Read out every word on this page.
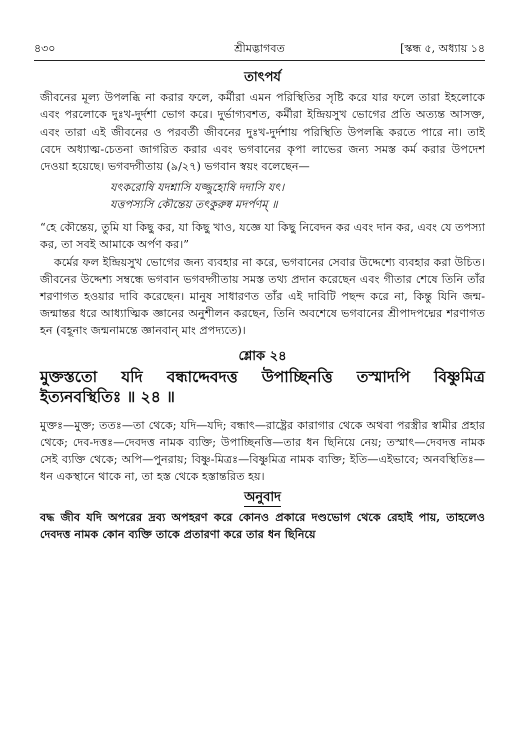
৪৩০	শ্রীমদ্ভাগবত	[স্কন্ধ ৫, অধ্যায় ১৪
তাৎপর্য

জীবনের মূল্য উপলব্ধি না করার ফলে, কর্মীরা এমন পরিস্থিতির সৃষ্টি করে যার ফলে তারা ইহলোকে এবং পরলোকে দুঃখ-দুর্দশা ভোগ করে। দুর্ভাগ্যবশত, কর্মীরা ইন্দ্রিয়সুখ ভোগের প্রতি অত্যন্ত আসক্ত, এবং তারা এই জীবনের ও পরবর্তী জীবনের দুঃখ-দুর্দশায় পরিস্থিতি উপলব্ধি করতে পারে না। তাই বেদে অধ্যাত্ম-চেতনা জাগরিত করার এবং ভগবানের কৃপা লাভের জন্য সমস্ত কর্ম করার উপদেশ দেওয়া হয়েছে। ভগবদ্গীতায় (৯/২৭) ভগবান স্বয়ং বলেছেন—

যৎকরোষি যদশ্নাসি যজ্জুহোষি দদাসি যৎ।
যত্তপস্যসি কৌন্তেয় তৎকুরুষ্ব মদর্পণম্‌ ॥

“হে কৌন্তেয়, তুমি যা কিছু কর, যা কিছু খাও, যজ্ঞে যা কিছু নিবেদন কর এবং দান কর, এবং যে তপস্যা কর, তা সবই আমাকে অর্পণ কর।”

কর্মের ফল ইন্দ্রিয়সুখ ভোগের জন্য ব্যবহার না করে, ভগবানের সেবার উদ্দেশ্যে ব্যবহার করা উচিত। জীবনের উদ্দেশ্য সম্বন্ধে ভগবান ভগবদ্গীতায় সমস্ত তথ্য প্রদান করেছেন এবং গীতার শেষে তিনি তাঁর শরণাগত হওয়ার দাবি করেছেন। মানুষ সাধারণত তাঁর এই দাবিটি পছন্দ করে না, কিন্তু যিনি জন্ম-জন্মান্তর ধরে আধ্যাত্মিক জ্ঞানের অনুশীলন করছেন, তিনি অবশেষে ভগবানের শ্রীপাদপদ্মের শরণাগত হন (বহূনাং জন্মনামন্তে জ্ঞানবান্‌ মাং প্রপদ্যতে)।

শ্লোক ২৪
মুক্তস্ততো যদি বন্ধাদ্দেবদত্ত উপাচ্ছিনত্তি তস্মাদপি বিষ্ণুমিত্র
ইত্যনবস্থিতিঃ ॥ ২৪ ॥

মুক্তঃ—মুক্ত; ততঃ—তা থেকে; যদি—যদি; বন্ধাৎ—রাষ্ট্রের কারাগার থেকে অথবা পরস্ত্রীর স্বামীর প্রহার থেকে; দেব-দত্তঃ—দেবদত্ত নামক ব্যক্তি; উপাচ্ছিনত্তি—তার ধন ছিনিয়ে নেয়; তস্মাৎ—দেবদত্ত নামক সেই ব্যক্তি থেকে; অপি—পুনরায়; বিষ্ণু-মিত্রঃ—বিষ্ণুমিত্র নামক ব্যক্তি; ইতি—এইভাবে; অনবস্থিতিঃ—ধন একস্থানে থাকে না, তা হস্ত থেকে হস্তান্তরিত হয়।

অনুবাদ

বদ্ধ জীব যদি অপরের দ্রব্য অপহরণ করে কোনও প্রকারে দণ্ডভোগ থেকে রেহাই পায়, তাহলেও দেবদত্ত নামক কোন ব্যক্তি তাকে প্রতারণা করে তার ধন ছিনিয়ে
